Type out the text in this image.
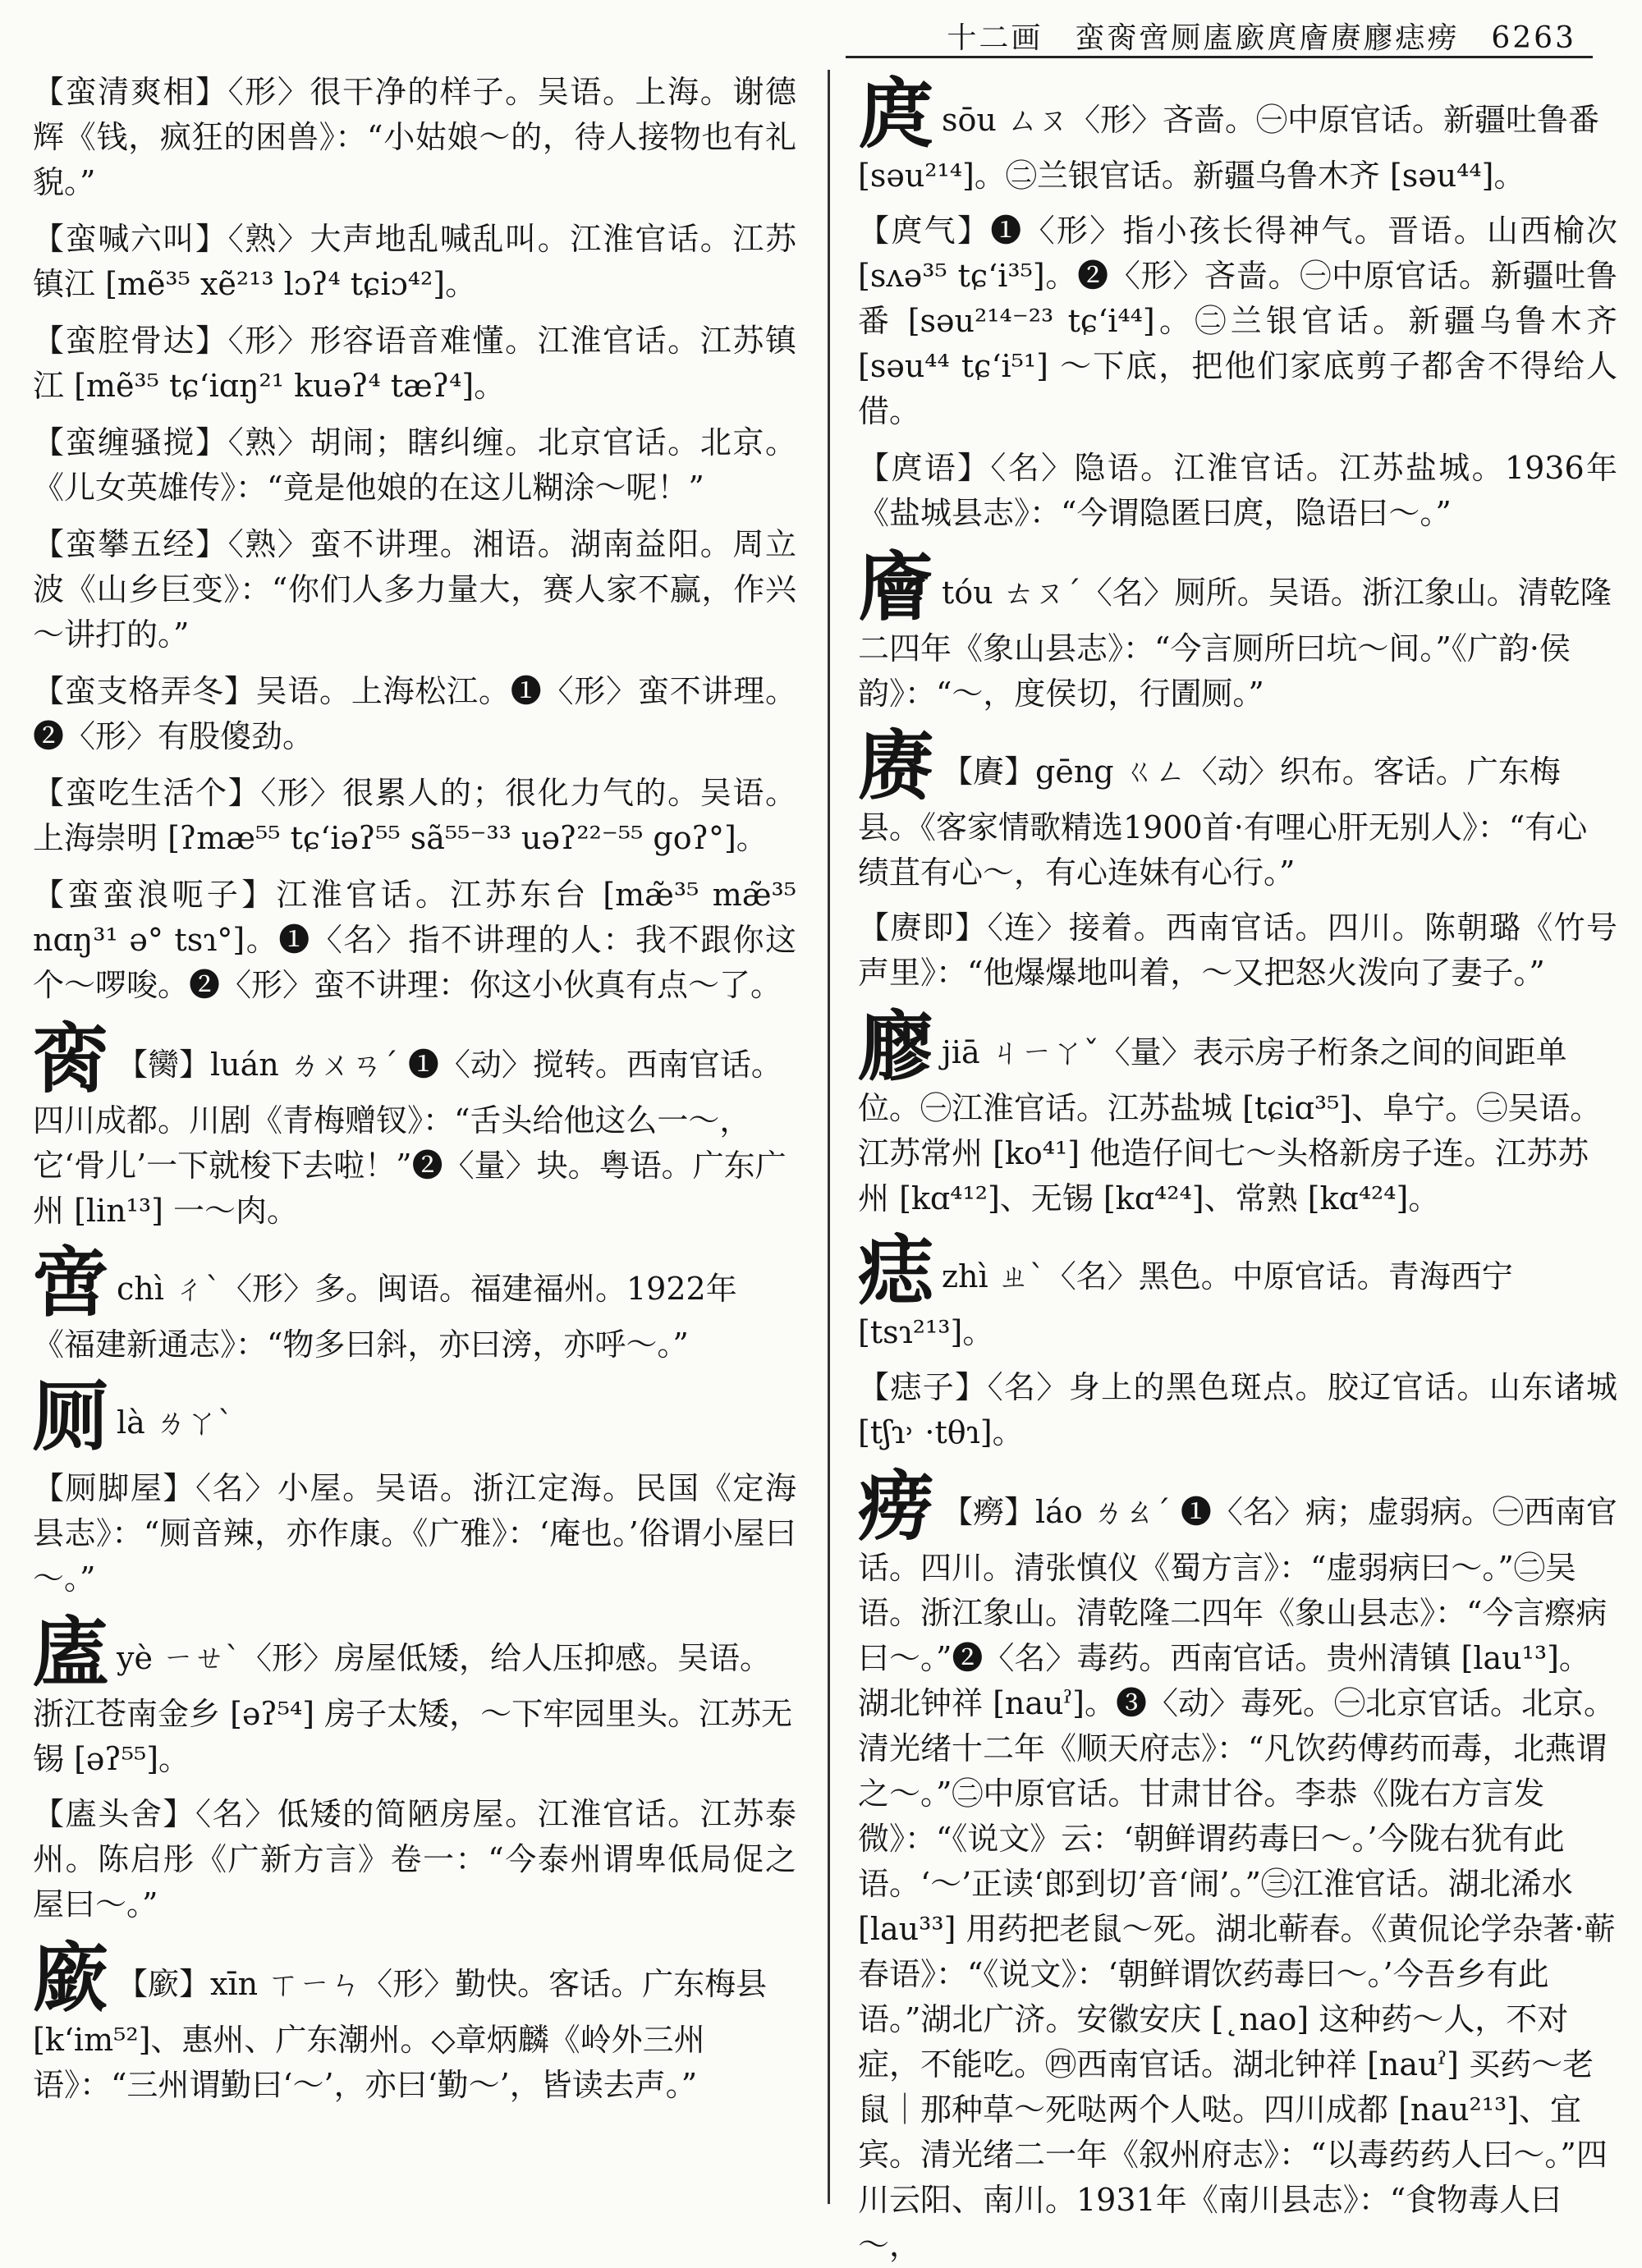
十二画　蛮脔啻厕廅廞庹廥赓廫痣痨　6263
【蛮清爽相】〈形〉很干净的样子。吴语。上海。谢德辉《钱，疯狂的困兽》：“小姑娘～的，待人接物也有礼貌。”
【蛮喊六叫】〈熟〉大声地乱喊乱叫。江淮官话。江苏镇江 [mẽ³⁵ xẽ²¹³ lɔʔ⁴ tɕiɔ⁴²]。
【蛮腔骨达】〈形〉形容语音难懂。江淮官话。江苏镇江 [mẽ³⁵ tɕ‘iɑŋ²¹ kuəʔ⁴ tæʔ⁴]。
【蛮缠骚搅】〈熟〉胡闹；瞎纠缠。北京官话。北京。《儿女英雄传》：“竟是他娘的在这儿糊涂～呢！”
【蛮攀五经】〈熟〉蛮不讲理。湘语。湖南益阳。周立波《山乡巨变》：“你们人多力量大，赛人家不赢，作兴～讲打的。”
【蛮支格弄冬】吴语。上海松江。❶〈形〉蛮不讲理。❷〈形〉有股傻劲。
【蛮吃生活个】〈形〉很累人的；很化力气的。吴语。上海崇明 [ʔmæ⁵⁵ tɕ‘iəʔ⁵⁵ sã⁵⁵⁻³³ uəʔ²²⁻⁵⁵ goʔ°]。
【蛮蛮浪呃子】江淮官话。江苏东台 [mæ̃³⁵ mæ̃³⁵ nɑŋ³¹ ə° tsɿ°]。❶〈名〉指不讲理的人：我不跟你这个～啰唆。❷〈形〉蛮不讲理：你这小伙真有点～了。
脔 【臠】luán ㄌㄨㄢˊ ❶〈动〉搅转。西南官话。四川成都。川剧《青梅赠钗》：“舌头给他这么一～，它‘骨儿’一下就梭下去啦！”❷〈量〉块。粤语。广东广州 [lin¹³] 一～肉。
啻chì ㄔˋ〈形〉多。闽语。福建福州。1922年《福建新通志》：“物多曰斜，亦曰滂，亦呼～。”
厕là ㄌㄚˋ
【厕脚屋】〈名〉小屋。吴语。浙江定海。民国《定海县志》：“厕音辣，亦作康。《广雅》：‘庵也。’俗谓小屋曰～。”
廅yè ㄧㄝˋ〈形〉房屋低矮，给人压抑感。吴语。浙江苍南金乡 [əʔ⁵⁴] 房子太矮，～下牢园里头。江苏无锡 [əʔ⁵⁵]。
【廅头舍】〈名〉低矮的简陋房屋。江淮官话。江苏泰州。陈启彤《广新方言》卷一：“今泰州谓卑低局促之屋曰～。”
廞 【廞】xīn ㄒㄧㄣ〈形〉勤快。客话。广东梅县 [k‘im⁵²]、惠州、广东潮州。◇章炳麟《岭外三州语》：“三州谓勤曰‘～’，亦曰‘勤～’，皆读去声。”
庹sōu ㄙㄡ〈形〉吝啬。㊀中原官话。新疆吐鲁番 [səu²¹⁴]。㊁兰银官话。新疆乌鲁木齐 [səu⁴⁴]。
【庹气】❶〈形〉指小孩长得神气。晋语。山西榆次 [sʌə³⁵ tɕ‘i³⁵]。❷〈形〉吝啬。㊀中原官话。新疆吐鲁番 [səu²¹⁴⁻²³ tɕ‘i⁴⁴]。㊁兰银官话。新疆乌鲁木齐 [səu⁴⁴ tɕ‘i⁵¹] ～下底，把他们家底剪子都舍不得给人借。
【庹语】〈名〉隐语。江淮官话。江苏盐城。1936年《盐城县志》：“今谓隐匿曰庹，隐语曰～。”
廥tóu ㄊㄡˊ〈名〉厕所。吴语。浙江象山。清乾隆二四年《象山县志》：“今言厕所曰坑～间。”《广韵·侯韵》：“～，度侯切，行圊厕。”
赓 【賡】gēng ㄍㄥ〈动〉织布。客话。广东梅县。《客家情歌精选1900首·有哩心肝无别人》：“有心绩苴有心～，有心连妹有心行。”
【赓即】〈连〉接着。西南官话。四川。陈朝璐《竹号声里》：“他爆爆地叫着，～又把怒火泼向了妻子。”
廫jiā ㄐㄧㄚˇ〈量〉表示房子桁条之间的间距单位。㊀江淮官话。江苏盐城 [tɕiɑ³⁵]、阜宁。㊁吴语。江苏常州 [ko⁴¹] 他造仔间七～头格新房子连。江苏苏州 [kɑ⁴¹²]、无锡 [kɑ⁴²⁴]、常熟 [kɑ⁴²⁴]。
痣zhì ㄓˋ〈名〉黑色。中原官话。青海西宁 [tsɿ²¹³]。
【痣子】〈名〉身上的黑色斑点。胶辽官话。山东诸城 [tʃɿ˒ ·tθɿ]。
痨 【癆】láo ㄌㄠˊ ❶〈名〉病；虚弱病。㊀西南官话。四川。清张慎仪《蜀方言》：“虚弱病曰～。”㊁吴语。浙江象山。清乾隆二四年《象山县志》：“今言瘵病曰～。”❷〈名〉毒药。西南官话。贵州清镇 [lau¹³]。湖北钟祥 [nauˀ]。❸〈动〉毒死。㊀北京官话。北京。清光绪十二年《顺天府志》：“凡饮药傅药而毒，北燕谓之～。”㊁中原官话。甘肃甘谷。李恭《陇右方言发微》：“《说文》云：‘朝鲜谓药毒曰～。’今陇右犹有此语。‘～’正读‘郎到切’音‘闹’。”㊂江淮官话。湖北浠水 [lau³³] 用药把老鼠～死。湖北蕲春。《黄侃论学杂著·蕲春语》：“《说文》：‘朝鲜谓饮药毒曰～。’今吾乡有此语。”湖北广济。安徽安庆 [˛nao] 这种药～人，不对症，不能吃。㊃西南官话。湖北钟祥 [nauˀ] 买药～老鼠｜那种草～死哒两个人哒。四川成都 [nau²¹³]、宜宾。清光绪二一年《叙州府志》：“以毒药药人曰～。”四川云阳、南川。1931年《南川县志》：“食物毒人曰～，
